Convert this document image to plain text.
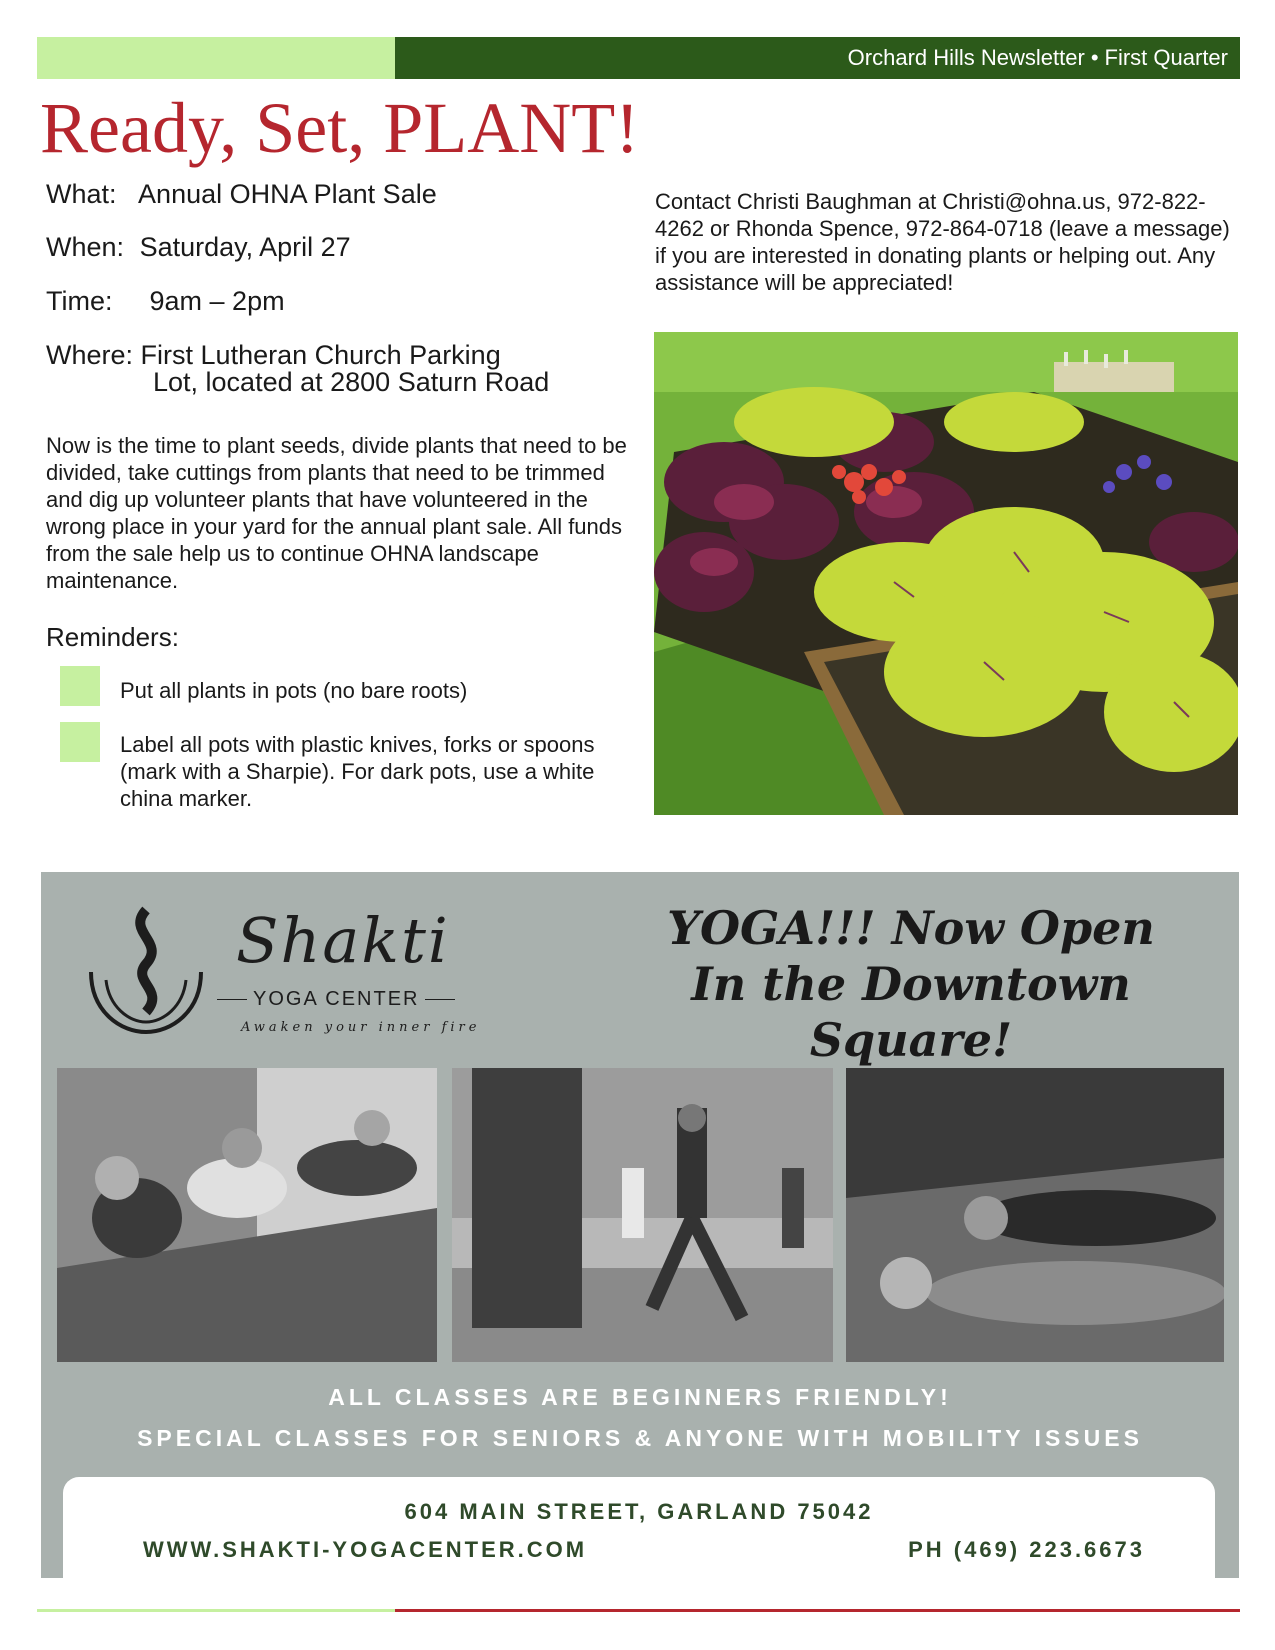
Orchard Hills Newsletter • First Quarter
Ready, Set, PLANT!
What: Annual OHNA Plant Sale
When: Saturday, April 27
Time: 9am – 2pm
Where: First Lutheran Church Parking
Lot, located at 2800 Saturn Road
Now is the time to plant seeds, divide plants that need to be divided, take cuttings from plants that need to be trimmed and dig up volunteer plants that have volunteered in the wrong place in your yard for the annual plant sale. All funds from the sale help us to continue OHNA landscape maintenance.
Reminders:
Put all plants in pots (no bare roots)
Label all pots with plastic knives, forks or spoons (mark with a Sharpie). For dark pots, use a white china marker.
Contact Christi Baughman at Christi@ohna.us, 972-822-4262 or Rhonda Spence, 972-864-0718 (leave a message) if you are interested in donating plants or helping out. Any assistance will be appreciated!
Shakti
YOGA CENTER
Awaken your inner fire
YOGA!!! Now Open
In the Downtown Square!
ALL CLASSES ARE BEGINNERS FRIENDLY!
SPECIAL CLASSES FOR SENIORS & ANYONE WITH MOBILITY ISSUES
604 MAIN STREET, GARLAND 75042
WWW.SHAKTI-YOGACENTER.COM	PH (469) 223.6673
